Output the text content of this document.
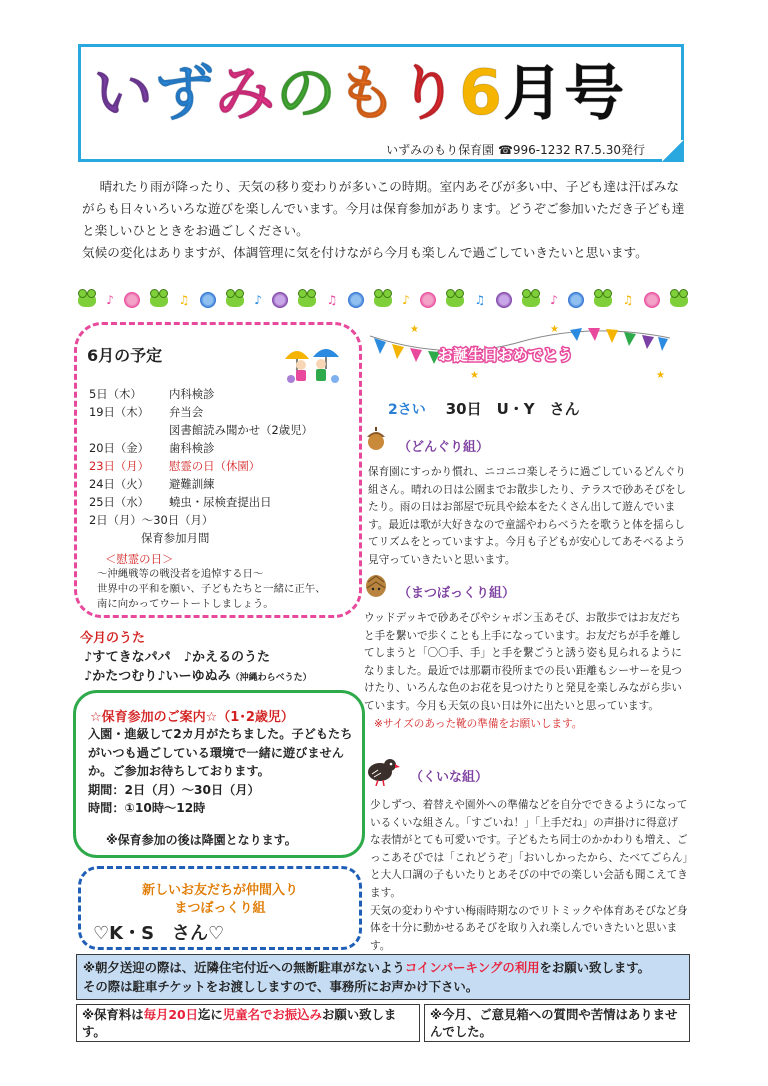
いずみのもり6月号
いずみのもり保育園 ☎996-1232 R7.5.30発行

晴れたり雨が降ったり、天気の移り変わりが多いこの時期。室内あそびが多い中、子ども達は汗ばみながらも日々いろいろな遊びを楽しんでいます。今月は保育参加があります。どうぞご参加いただき子ども達と楽しいひとときをお過ごしください。

気候の変化はありますが、体調管理に気を付けながら今月も楽しんで過ごしていきたいと思います。

♪	♫	♪	♫	♪	♫	♪	♫
6月の予定
5日（木）	内科検診
19日（木）	弁当会
図書館読み聞かせ（2歳児）
20日（金）	歯科検診
23日（月）	慰霊の日（休園）
24日（火）	避難訓練
25日（水）	蟯虫・尿検査提出日
2日（月）～30日（月）
保育参加月間
＜慰霊の日＞
～沖縄戦等の戦没者を追悼する日～
世界中の平和を願い、子どもたちと一緒に正午、
南に向かってウートートしましょう。
今月のうた
♪すてきなパパ　♪かえるのうた
♪かたつむり♪いーゆぬみ（沖縄わらべうた）
☆保育参加のご案内☆（1･2歳児）

入園・進級して2カ月がたちました。子どもたちがいつも過ごしている環境で一緒に遊びませんか。ご参加お待ちしております。

期間：2日（月）～30日（月）

時間：①10時～12時

※保育参加の後は降園となります。
新しいお友だちが仲間入り
まつぼっくり組
♡K・S　さん♡
★
★
★
★
お誕生日おめでとう
2さい 30日　U・Y　さん
（どんぐり組）

保育園にすっかり慣れ、ニコニコ楽しそうに過ごしているどんぐり組さん。晴れの日は公園までお散歩したり、テラスで砂あそびをしたり。雨の日はお部屋で玩具や絵本をたくさん出して遊んでいます。最近は歌が大好きなので童謡やわらべうたを歌うと体を揺らしてリズムをとっていますよ。今月も子どもが安心してあそべるよう見守っていきたいと思います。

（まつぼっくり組）

ウッドデッキで砂あそびやシャボン玉あそび、お散歩ではお友だちと手を繋いで歩くことも上手になっています。お友だちが手を離してしまうと「〇〇手、手」と手を繋ごうと誘う姿も見られるようになりました。最近では那覇市役所までの長い距離もシーサーを見つけたり、いろんな色のお花を見つけたりと発見を楽しみながら歩いています。今月も天気の良い日は外に出たいと思っています。

※サイズのあった靴の準備をお願いします。

（くいな組）

少しずつ、着替えや園外への準備などを自分でできるようになっているくいな組さん。「すごいね！」「上手だね」の声掛けに得意げな表情がとても可愛いです。子どもたち同士のかかわりも増え、ごっこあそびでは「これどうぞ」「おいしかったから、たべてごらん」と大人口調の子もいたりとあそびの中での楽しい会話も聞こえてきます。

天気の変わりやすい梅雨時期なのでリトミックや体育あそびなど身体を十分に動かせるあそびを取り入れ楽しんでいきたいと思います。

※朝夕送迎の際は、近隣住宅付近への無断駐車がないようコインパーキングの利用をお願い致します。

その際は駐車チケットをお渡ししますので、事務所にお声かけ下さい。

※保育料は毎月20日迄に児童名でお振込みお願い致します。

※今月、ご意見箱への質問や苦情はありませんでした。
